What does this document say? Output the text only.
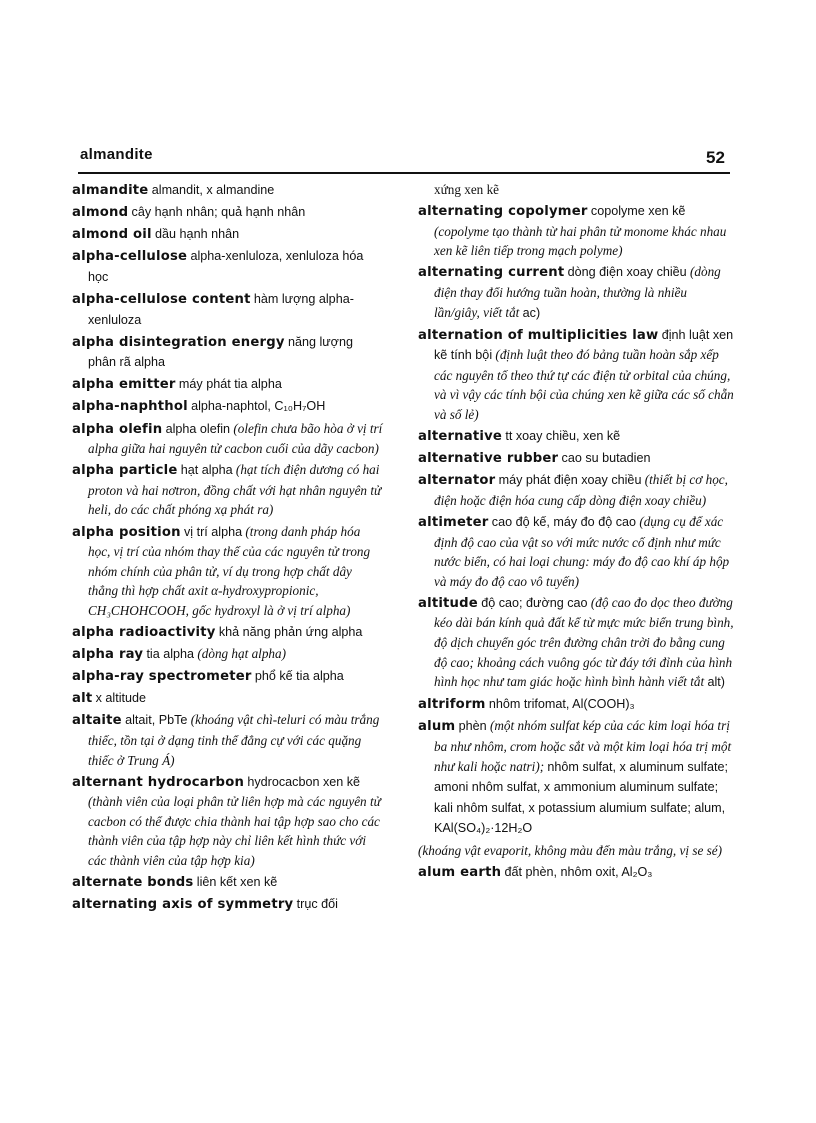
almandite	52

almandite almandit, x almandine

almond cây hạnh nhân; quả hạnh nhân

almond oil dầu hạnh nhân

alpha-cellulose alpha-xenluloza, xenluloza hóa học

alpha-cellulose content hàm lượng alpha-xenluloza

alpha disintegration energy năng lượng phân rã alpha

alpha emitter máy phát tia alpha

alpha-naphthol alpha-naphtol, C₁₀H₇OH

alpha olefin alpha olefin (olefin chưa bão hòa ở vị trí alpha giữa hai nguyên tử cacbon cuối của dãy cacbon)

alpha particle hạt alpha (hạt tích điện dương có hai proton và hai nơtron, đồng chất với hạt nhân nguyên tử heli, do các chất phóng xạ phát ra)

alpha position vị trí alpha (trong danh pháp hóa học, vị trí của nhóm thay thế của các nguyên tử trong nhóm chính của phân tử, ví dụ trong hợp chất dây thẳng thì hợp chất axit α-hydroxypropionic, CH₃CHOHCOOH, gốc hydroxyl là ở vị trí alpha)

alpha radioactivity khả năng phản ứng alpha

alpha ray tia alpha (dòng hạt alpha)

alpha-ray spectrometer phổ kế tia alpha

alt x altitude

altaite altait, PbTe (khoáng vật chì-teluri có màu trắng thiếc, tồn tại ở dạng tinh thể đẳng cự với các quặng thiếc ở Trung Á)

alternant hydrocarbon hydrocacbon xen kẽ (thành viên của loại phân tử liên hợp mà các nguyên tử cacbon có thể được chia thành hai tập hợp sao cho các thành viên của tập hợp này chỉ liên kết hình thức với các thành viên của tập hợp kia)

alternate bonds liên kết xen kẽ

alternating axis of symmetry trục đối

xứng xen kẽ

alternating copolymer copolyme xen kẽ (copolyme tạo thành từ hai phân tử monome khác nhau xen kẽ liên tiếp trong mạch polyme)

alternating current dòng điện xoay chiều (dòng điện thay đổi hướng tuần hoàn, thường là nhiều lần/giây, viết tắt ac)

alternation of multiplicities law định luật xen kẽ tính bội (định luật theo đó bảng tuần hoàn sắp xếp các nguyên tố theo thứ tự các điện tử orbital của chúng, và vì vậy các tính bội của chúng xen kẽ giữa các số chẵn và số lẻ)

alternative tt xoay chiều, xen kẽ

alternative rubber cao su butadien

alternator máy phát điện xoay chiều (thiết bị cơ học, điện hoặc điện hóa cung cấp dòng điện xoay chiều)

altimeter cao độ kế, máy đo độ cao (dụng cụ để xác định độ cao của vật so với mức nước cố định như mức nước biển, có hai loại chung: máy đo độ cao khí áp hộp và máy đo độ cao vô tuyến)

altitude độ cao; đường cao (độ cao đo dọc theo đường kéo dài bán kính quả đất kể từ mực mức biển trung bình, độ dịch chuyển góc trên đường chân trời đo bằng cung độ cao; khoảng cách vuông góc từ đáy tới đỉnh của hình hình học như tam giác hoặc hình bình hành viết tắt alt)

altriform nhôm trifomat, Al(COOH)₃

alum phèn (một nhóm sulfat kép của các kim loại hóa trị ba như nhôm, crom hoặc sắt và một kim loại hóa trị một như kali hoặc natri); nhôm sulfat, x aluminum sulfate; amoni nhôm sulfat, x ammonium aluminum sulfate; kali nhôm sulfat, x potassium alumium sulfate; alum, KAl(SO₄)₂·12H₂O

(khoáng vật evaporit, không màu đến màu trắng, vị se sé)

alum earth đất phèn, nhôm oxit, Al₂O₃
